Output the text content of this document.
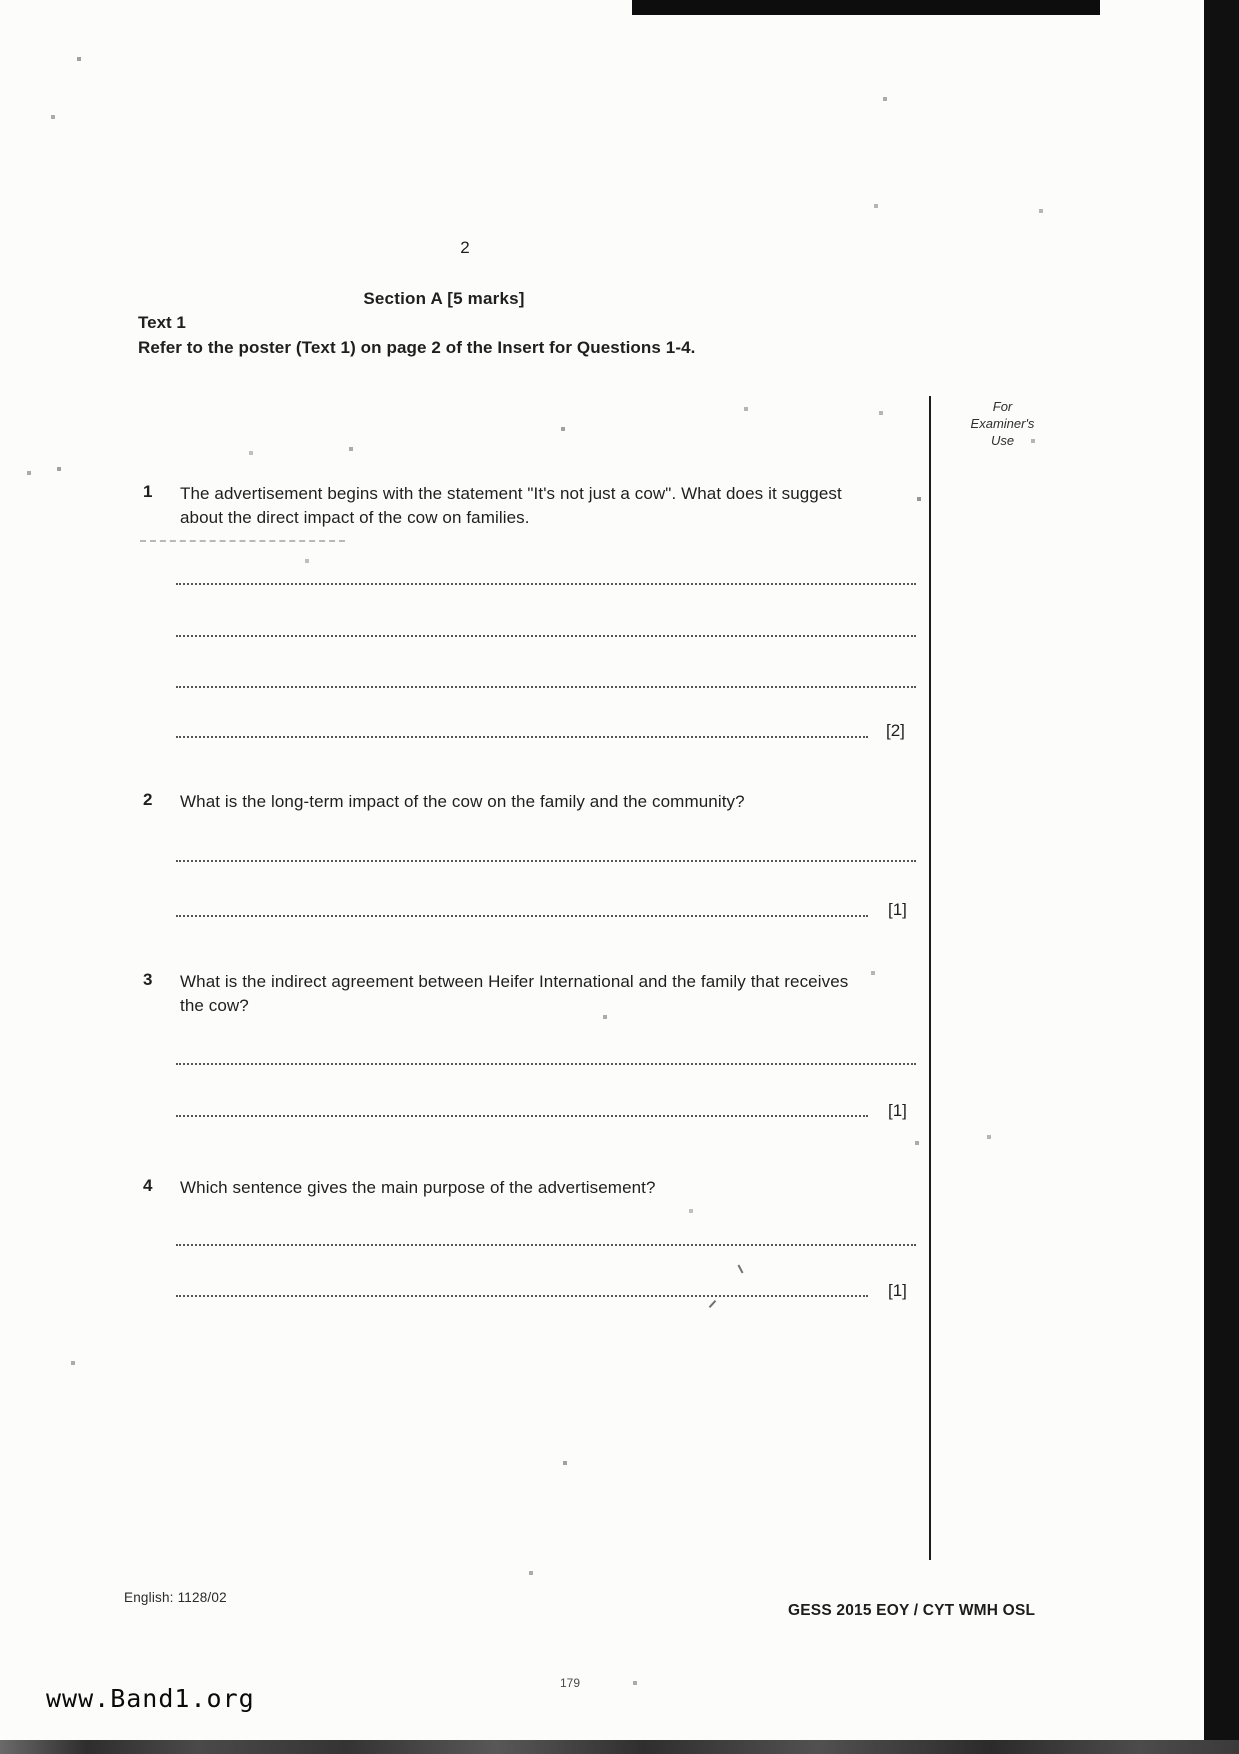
2
Section A [5 marks]
Text 1
Refer to the poster (Text 1) on page 2 of the Insert for Questions 1-4.
For
Examiner's
Use
1 The advertisement begins with the statement "It's not just a cow". What does it suggest about the direct impact of the cow on families.
[2]
2 What is the long-term impact of the cow on the family and the community?
[1]
3 What is the indirect agreement between Heifer International and the family that receives the cow?
[1]
4 Which sentence gives the main purpose of the advertisement?
[1]
English: 1128/02
GESS 2015 EOY / CYT WMH OSL
179
www.Band1.org
